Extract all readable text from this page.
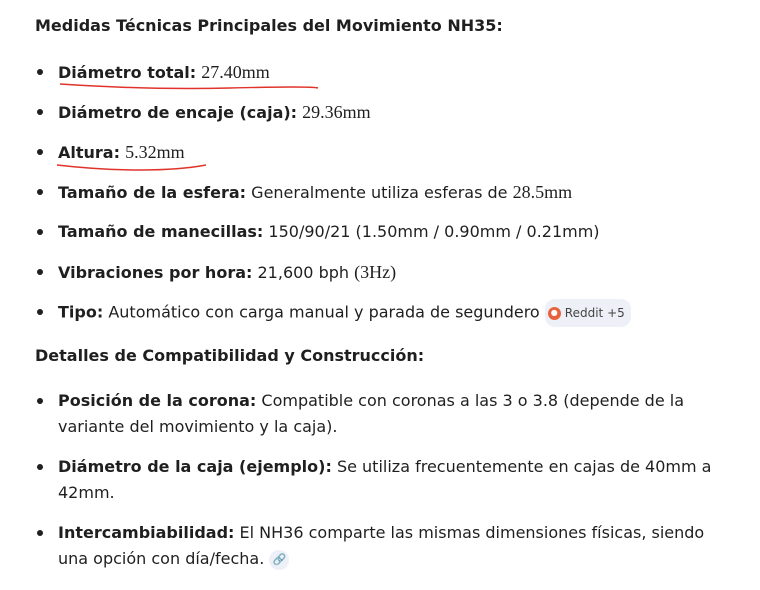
Medidas Técnicas Principales del Movimiento NH35:
Diámetro total: 27.40mm
Diámetro de encaje (caja): 29.36mm
Altura: 5.32mm
Tamaño de la esfera: Generalmente utiliza esferas de 28.5mm
Tamaño de manecillas: 150/90/21 (1.50mm / 0.90mm / 0.21mm)
Vibraciones por hora: 21,600 bph (3Hz)
Tipo: Automático con carga manual y parada de segundero	● Reddit +5
Detalles de Compatibilidad y Construcción:
Posición de la corona: Compatible con coronas a las 3 o 3.8 (depende de la variante del movimiento y la caja).
Diámetro de la caja (ejemplo): Se utiliza frecuentemente en cajas de 40mm a 42mm.
Intercambiabilidad: El NH36 comparte las mismas dimensiones físicas, siendo una opción con día/fecha. 🔗
